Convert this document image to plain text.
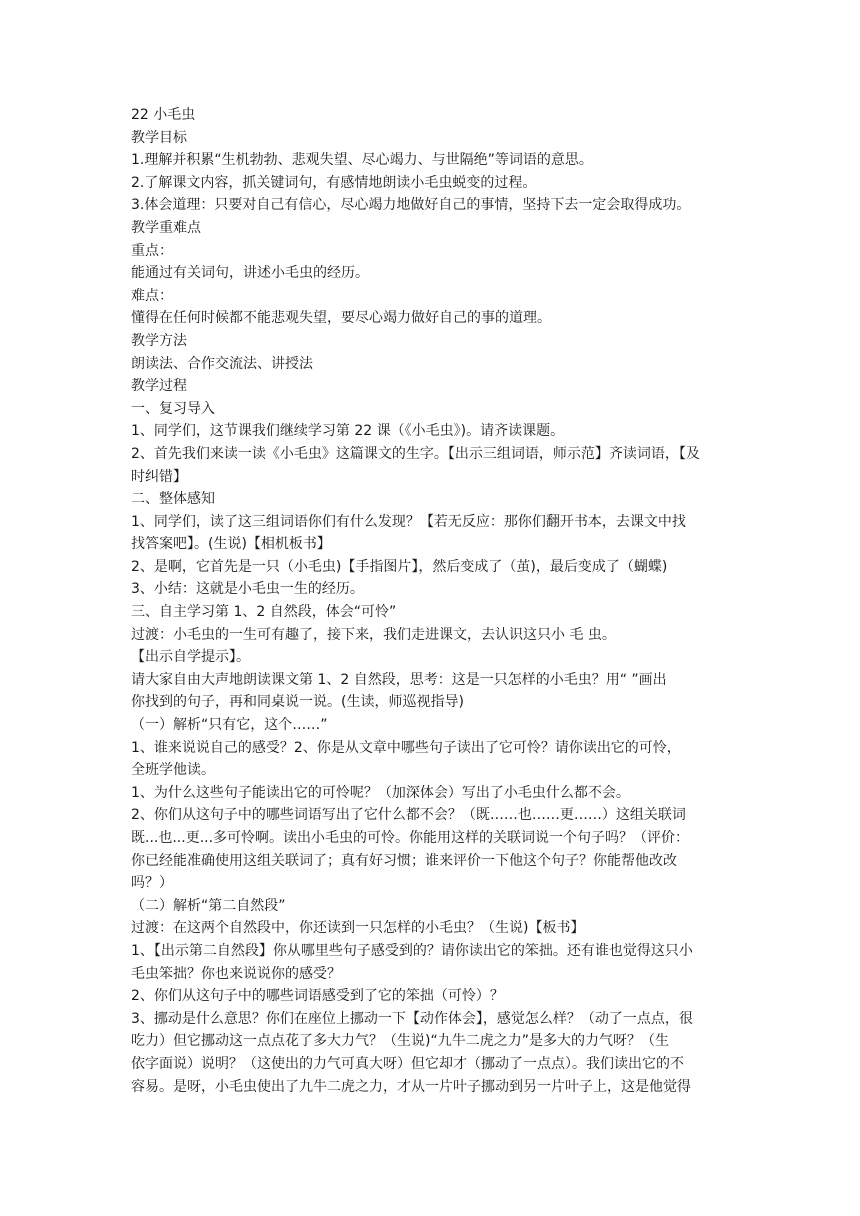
22 小毛虫

教学目标

1.理解并积累“生机勃勃、悲观失望、尽心竭力、与世隔绝”等词语的意思。

2.了解课文内容，抓关键词句，有感情地朗读小毛虫蜕变的过程。

3.体会道理：只要对自己有信心，尽心竭力地做好自己的事情，坚持下去一定会取得成功。

教学重难点

重点：

能通过有关词句，讲述小毛虫的经历。

难点：

懂得在任何时候都不能悲观失望，要尽心竭力做好自己的事的道理。

教学方法

朗读法、合作交流法、讲授法

教学过程

一、复习导入

1、同学们，这节课我们继续学习第 22 课（《小毛虫》)。请齐读课题。

2、首先我们来读一读《小毛虫》这篇课文的生字。【出示三组词语，师示范】齐读词语，【及

时纠错】

二、整体感知

1、同学们，读了这三组词语你们有什么发现？【若无反应：那你们翻开书本，去课文中找

找答案吧】。(生说)【相机板书】

2、是啊，它首先是一只（小毛虫)【手指图片】，然后变成了（茧)，最后变成了（蝴蝶)

3、小结：这就是小毛虫一生的经历。

三、自主学习第 1、2 自然段，体会“可怜”

过渡：小毛虫的一生可有趣了，接下来，我们走进课文，去认识这只小 毛 虫。

【出示自学提示】。

请大家自由大声地朗读课文第 1、2 自然段，思考：这是一只怎样的小毛虫？用“ ”画出

你找到的句子，再和同桌说一说。(生读，师巡视指导)

（一）解析“只有它，这个……”

1、谁来说说自己的感受？2、你是从文章中哪些句子读出了它可怜？请你读出它的可怜，

全班学他读。

1、为什么这些句子能读出它的可怜呢？（加深体会）写出了小毛虫什么都不会。

2、你们从这句子中的哪些词语写出了它什么都不会？（既……也……更……）这组关联词

既...也...更...多可怜啊。读出小毛虫的可怜。你能用这样的关联词说一个句子吗？（评价：

你已经能准确使用这组关联词了；真有好习惯；谁来评价一下他这个句子？你能帮他改改

吗？）

（二）解析“第二自然段”

过渡：在这两个自然段中，你还读到一只怎样的小毛虫？（生说)【板书】

1、【出示第二自然段】你从哪里些句子感受到的？请你读出它的笨拙。还有谁也觉得这只小

毛虫笨拙？你也来说说你的感受？

2、你们从这句子中的哪些词语感受到了它的笨拙（可怜）？

3、挪动是什么意思？你们在座位上挪动一下【动作体会】，感觉怎么样？（动了一点点，很

吃力）但它挪动这一点点花了多大力气？（生说)“九牛二虎之力”是多大的力气呀？（生

依字面说）说明？（这使出的力气可真大呀）但它却才（挪动了一点点）。我们读出它的不

容易。是呀，小毛虫使出了九牛二虎之力，才从一片叶子挪动到另一片叶子上，这是他觉得
